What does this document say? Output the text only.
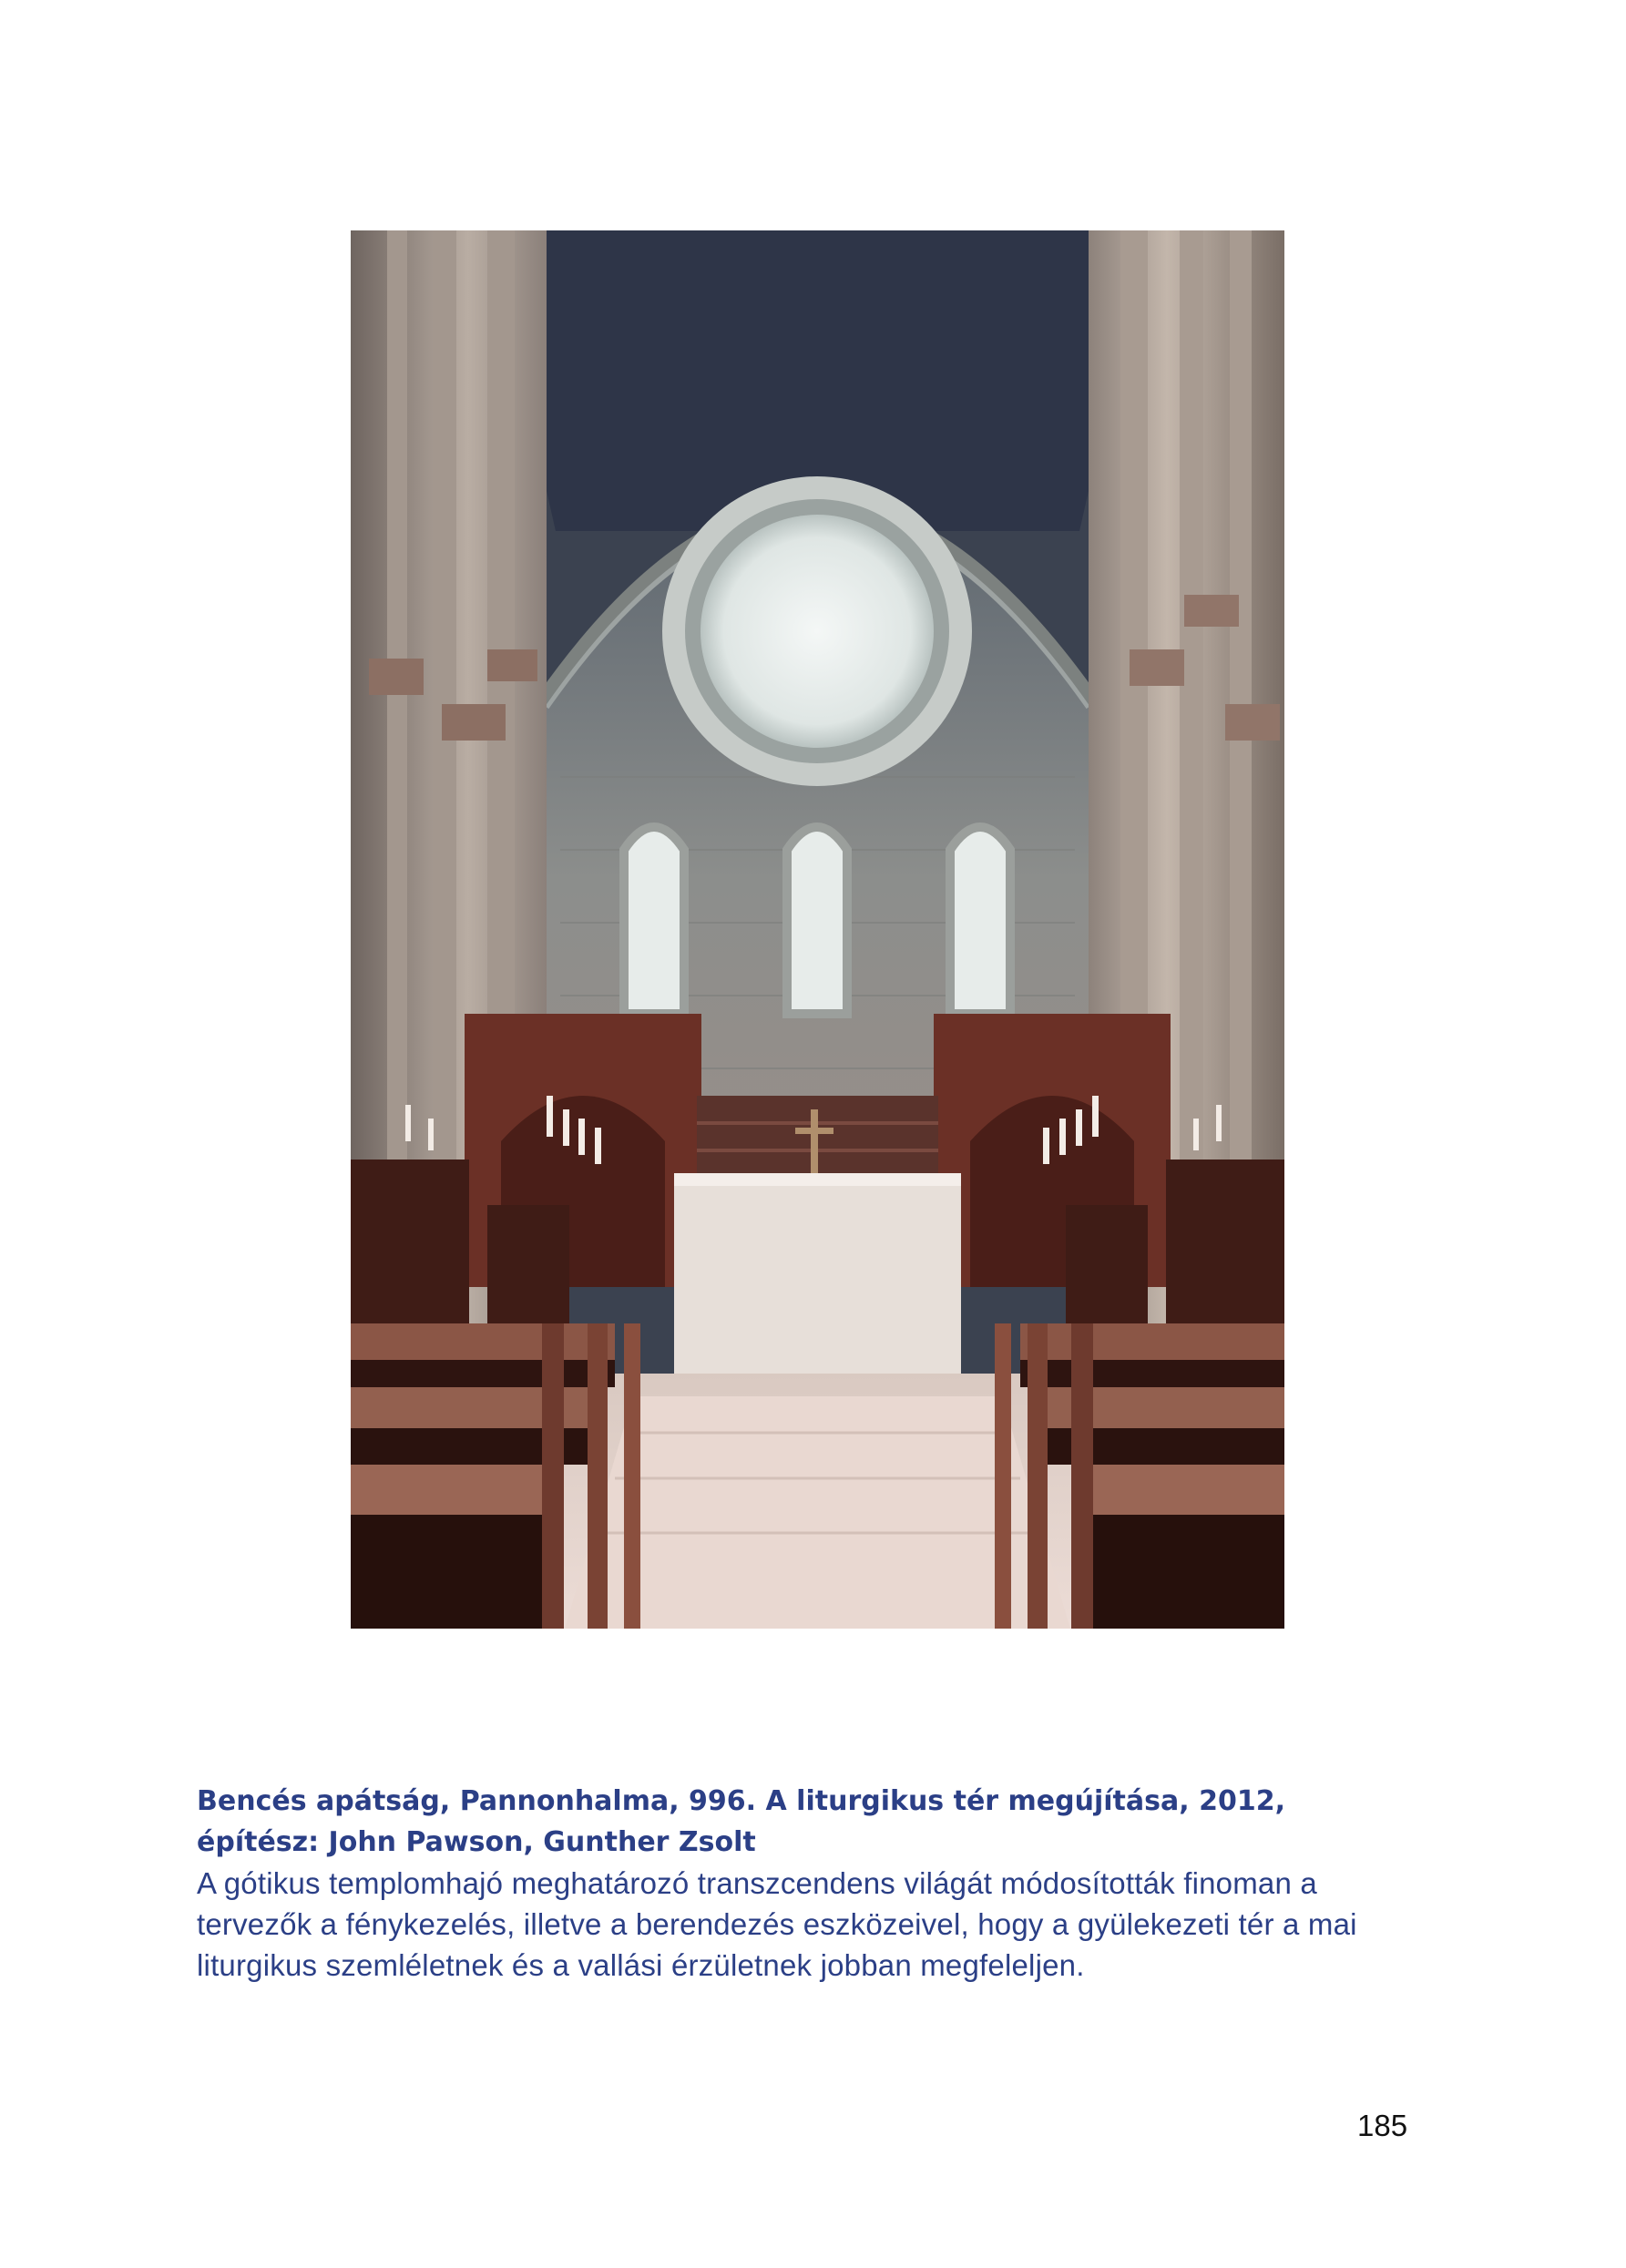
Bencés apátság, Pannonhalma, 996. A liturgikus tér megújítása, 2012,

építész: John Pawson, Gunther Zsolt

A gótikus templomhajó meghatározó transzcendens világát módosították finoman a

tervezők a fénykezelés, illetve a berendezés eszközeivel, hogy a gyülekezeti tér a mai

liturgikus szemléletnek és a vallási érzületnek jobban megfeleljen.

185
